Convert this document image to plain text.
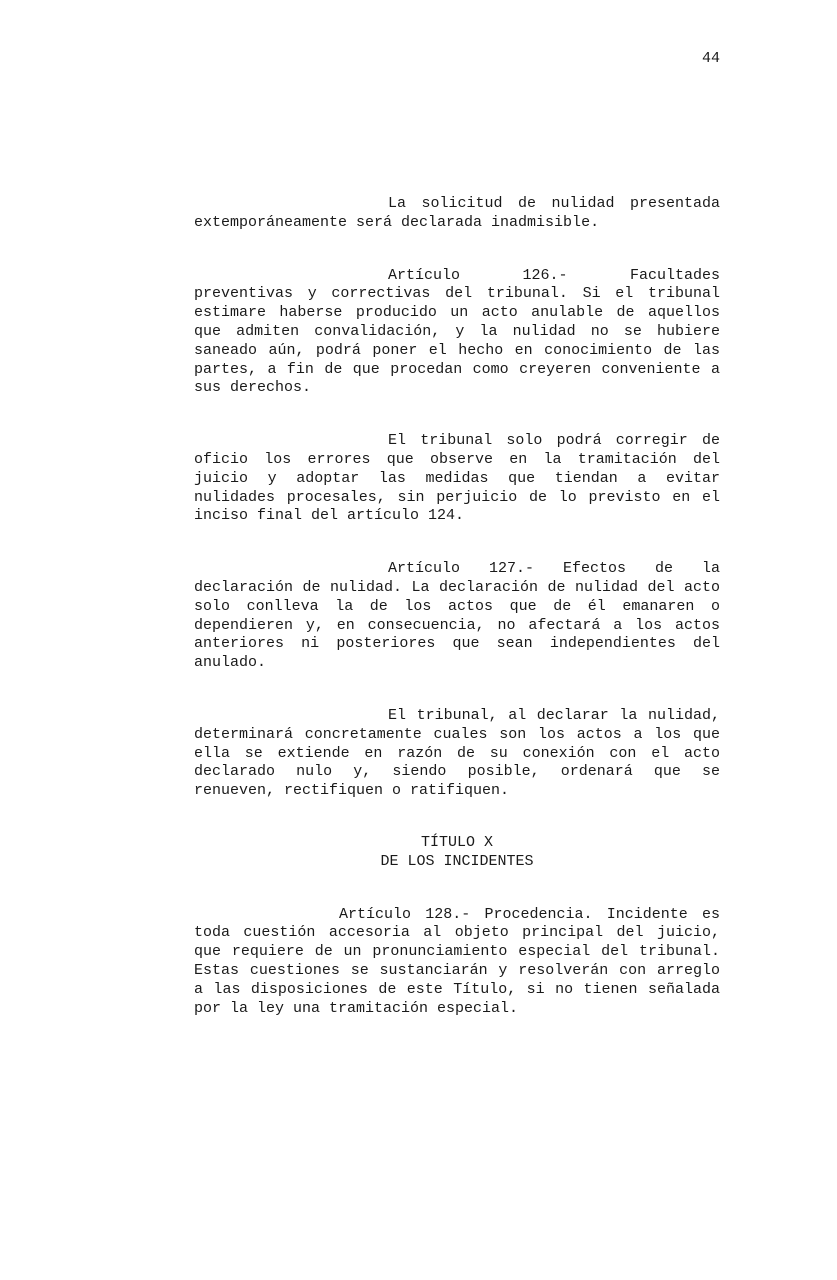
44

La solicitud de nulidad presentada extemporáneamente será declarada inadmisible.

Artículo 126.- Facultades preventivas y correctivas del tribunal. Si el tribunal estimare haberse producido un acto anulable de aquellos que admiten convalidación, y la nulidad no se hubiere saneado aún, podrá poner el hecho en conocimiento de las partes, a fin de que procedan como creyeren conveniente a sus derechos.

El tribunal solo podrá corregir de oficio los errores que observe en la tramitación del juicio y adoptar las medidas que tiendan a evitar nulidades procesales, sin perjuicio de lo previsto en el inciso final del artículo 124.

Artículo 127.- Efectos de la declaración de nulidad. La declaración de nulidad del acto solo conlleva la de los actos que de él emanaren o dependieren y, en consecuencia, no afectará a los actos anteriores ni posteriores que sean independientes del anulado.

El tribunal, al declarar la nulidad, determinará concretamente cuales son los actos a los que ella se extiende en razón de su conexión con el acto declarado nulo y, siendo posible, ordenará que se renueven, rectifiquen o ratifiquen.

TÍTULO X
DE LOS INCIDENTES

Artículo 128.- Procedencia. Incidente es toda cuestión accesoria al objeto principal del juicio, que requiere de un pronunciamiento especial del tribunal. Estas cuestiones se sustanciarán y resolverán con arreglo a las disposiciones de este Título, si no tienen señalada por la ley una tramitación especial.
